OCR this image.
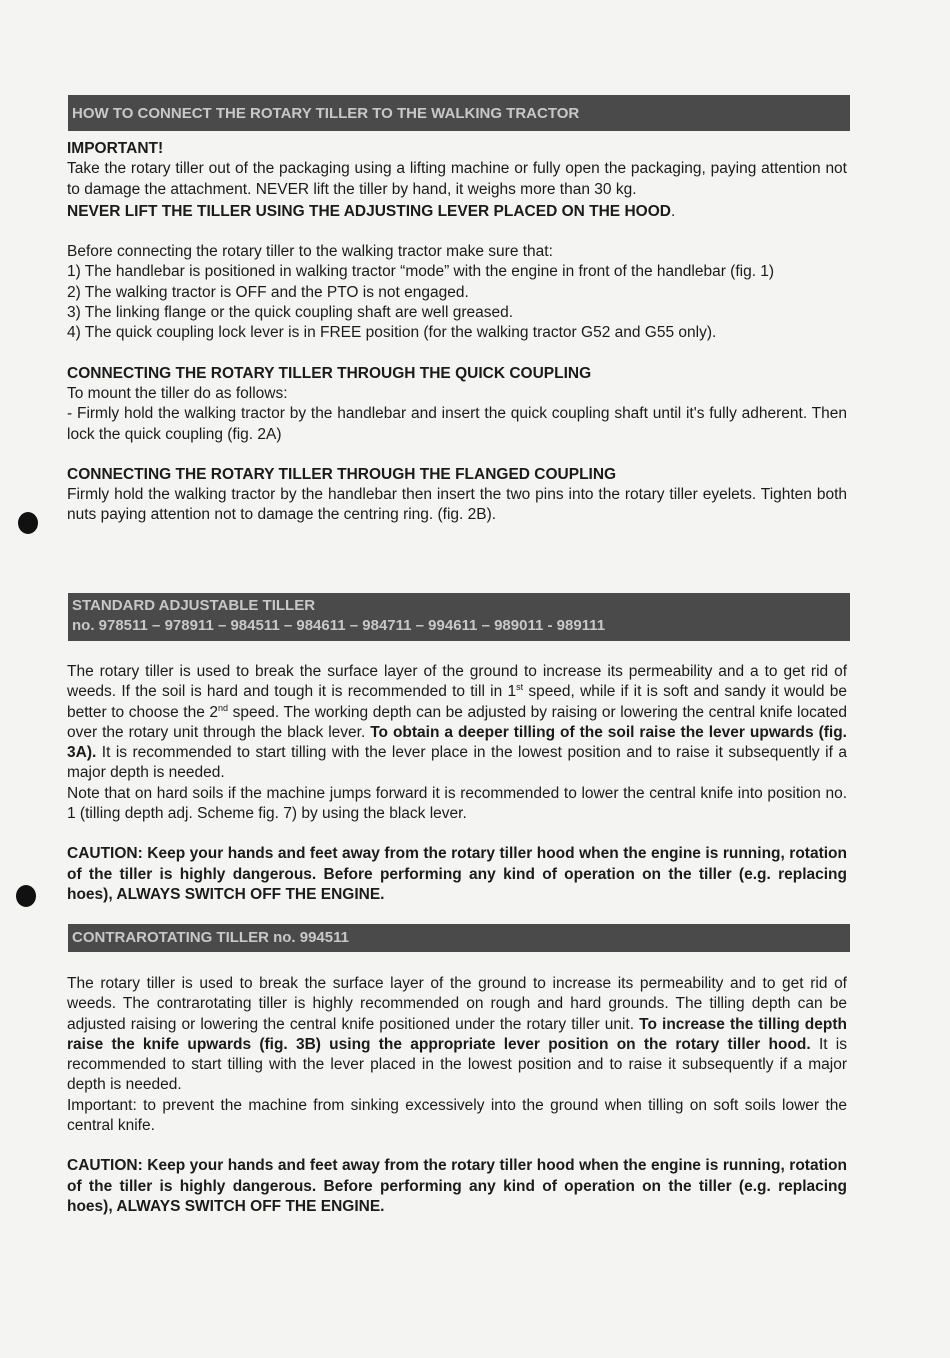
HOW TO CONNECT THE ROTARY TILLER TO THE WALKING TRACTOR

IMPORTANT!

Take the rotary tiller out of the packaging using a lifting machine or fully open the packaging, paying attention not to damage the attachment. NEVER lift the tiller by hand, it weighs more than 30 kg.

NEVER LIFT THE TILLER USING THE ADJUSTING LEVER PLACED ON THE HOOD.

Before connecting the rotary tiller to the walking tractor make sure that:

1) The handlebar is positioned in walking tractor “mode” with the engine in front of the handlebar (fig. 1)

2) The walking tractor is OFF and the PTO is not engaged.

3) The linking flange or the quick coupling shaft are well greased.

4) The quick coupling lock lever is in FREE position (for the walking tractor G52 and G55 only).

CONNECTING THE ROTARY TILLER THROUGH THE QUICK COUPLING

To mount the tiller do as follows:

- Firmly hold the walking tractor by the handlebar and insert the quick coupling shaft until it's fully adherent. Then lock the quick coupling (fig. 2A)

CONNECTING THE ROTARY TILLER THROUGH THE FLANGED COUPLING

Firmly hold the walking tractor by the handlebar then insert the two pins into the rotary tiller eyelets. Tighten both nuts paying attention not to damage the centring ring. (fig. 2B).

STANDARD ADJUSTABLE TILLER
no. 978511 – 978911 – 984511 – 984611 – 984711 – 994611 – 989011 - 989111

The rotary tiller is used to break the surface layer of the ground to increase its permeability and a to get rid of weeds. If the soil is hard and tough it is recommended to till in 1st speed, while if it is soft and sandy it would be better to choose the 2nd speed. The working depth can be adjusted by raising or lowering the central knife located over the rotary unit through the black lever. To obtain a deeper tilling of the soil raise the lever upwards (fig. 3A). It is recommended to start tilling with the lever place in the lowest position and to raise it subsequently if a major depth is needed.

Note that on hard soils if the machine jumps forward it is recommended to lower the central knife into position no. 1 (tilling depth adj. Scheme fig. 7) by using the black lever.

CAUTION: Keep your hands and feet away from the rotary tiller hood when the engine is running, rotation of the tiller is highly dangerous. Before performing any kind of operation on the tiller (e.g. replacing hoes), ALWAYS SWITCH OFF THE ENGINE.

CONTRAROTATING TILLER no. 994511

The rotary tiller is used to break the surface layer of the ground to increase its permeability and to get rid of weeds. The contrarotating tiller is highly recommended on rough and hard grounds. The tilling depth can be adjusted raising or lowering the central knife positioned under the rotary tiller unit. To increase the tilling depth raise the knife upwards (fig. 3B) using the appropriate lever position on the rotary tiller hood. It is recommended to start tilling with the lever placed in the lowest position and to raise it subsequently if a major depth is needed.

Important: to prevent the machine from sinking excessively into the ground when tilling on soft soils lower the central knife.

CAUTION: Keep your hands and feet away from the rotary tiller hood when the engine is running, rotation of the tiller is highly dangerous. Before performing any kind of operation on the tiller (e.g. replacing hoes), ALWAYS SWITCH OFF THE ENGINE.
